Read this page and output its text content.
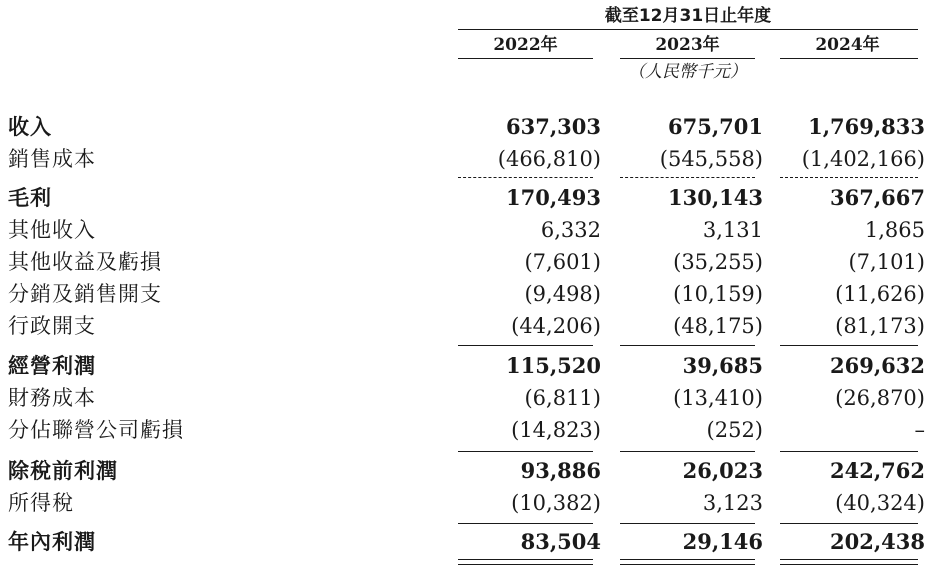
截至12月31日止年度
2022年	2023年	2024年
（人民幣千元）
收入	637,303	675,701	1,769,833
銷售成本	(466,810)	(545,558)	(1,402,166)
毛利	170,493	130,143	367,667
其他收入	6,332	3,131	1,865
其他收益及虧損	(7,601)	(35,255)	(7,101)
分銷及銷售開支	(9,498)	(10,159)	(11,626)
行政開支	(44,206)	(48,175)	(81,173)
經營利潤	115,520	39,685	269,632
財務成本	(6,811)	(13,410)	(26,870)
分佔聯營公司虧損	(14,823)	(252)	–
除稅前利潤	93,886	26,023	242,762
所得稅	(10,382)	3,123	(40,324)
年內利潤	83,504	29,146	202,438
